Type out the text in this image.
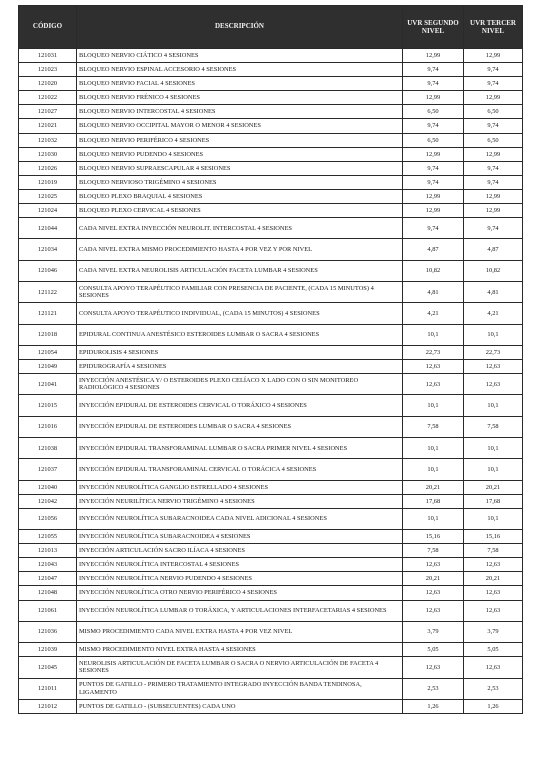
CÓDIGO	DESCRIPCIÓN	UVR SEGUNDO NIVEL	UVR TERCER NIVEL
121031	BLOQUEO NERVIO CIÁTICO 4 SESIONES	12,99	12,99
121023	BLOQUEO NERVIO ESPINAL ACCESORIO 4 SESIONES	9,74	9,74
121020	BLOQUEO NERVIO FACIAL 4 SESIONES	9,74	9,74
121022	BLOQUEO NERVIO FRÉNICO 4 SESIONES	12,99	12,99
121027	BLOQUEO NERVIO INTERCOSTAL 4 SESIONES	6,50	6,50
121021	BLOQUEO NERVIO OCCIPITAL MAYOR O MENOR 4 SESIONES	9,74	9,74
121032	BLOQUEO NERVIO PERIFÉRICO 4 SESIONES	6,50	6,50
121030	BLOQUEO NERVIO PUDENDO 4 SESIONES	12,99	12,99
121026	BLOQUEO NERVIO SUPRAESCAPULAR 4 SESIONES	9,74	9,74
121019	BLOQUEO NERVIOSO TRIGÉMINO 4 SESIONES	9,74	9,74
121025	BLOQUEO PLEXO BRAQUIAL 4 SESIONES	12,99	12,99
121024	BLOQUEO PLEXO CERVICAL 4 SESIONES	12,99	12,99
121044	CADA NIVEL EXTRA INYECCIÓN NEUROLIT. INTERCOSTAL 4 SESIONES	9,74	9,74
121034	CADA NIVEL EXTRA MISMO PROCEDIMIENTO HASTA 4 POR VEZ Y POR NIVEL	4,87	4,87
121046	CADA NIVEL EXTRA NEUROLISIS ARTICULACIÓN FACETA LUMBAR 4 SESIONES	10,82	10,82
121122	CONSULTA APOYO TERAPÉUTICO FAMILIAR CON PRESENCIA DE PACIENTE, (CADA 15 MINUTOS) 4 SESIONES	4,81	4,81
121121	CONSULTA APOYO TERAPÉUTICO INDIVIDUAL, (CADA 15 MINUTOS) 4 SESIONES	4,21	4,21
121018	EPIDURAL CONTINUA ANESTÉSICO ESTEROIDES LUMBAR O SACRA 4 SESIONES	10,1	10,1
121054	EPIDUROLISIS 4 SESIONES	22,73	22,73
121049	EPIDUROGRAFÍA 4 SESIONES	12,63	12,63
121041	INYECCIÓN ANESTÉSICA Y/ O ESTEROIDES PLEXO CELÍACO X LADO CON O SIN MONITOREO RADIOLÓGICO 4 SESIONES	12,63	12,63
121015	INYECCIÓN EPIDURAL DE ESTEROIDES CERVICAL O TORÁXICO 4 SESIONES	10,1	10,1
121016	INYECCIÓN EPIDURAL DE ESTEROIDES LUMBAR O SACRA 4 SESIONES	7,58	7,58
121038	INYECCIÓN EPIDURAL TRANSFORAMINAL LUMBAR O SACRA PRIMER NIVEL 4 SESIONES	10,1	10,1
121037	INYECCIÓN EPIDURAL TRANSFORAMINAL CERVICAL O TORÁCICA 4 SESIONES	10,1	10,1
121040	INYECCIÓN NEUROLÍTICA GANGLIO ESTRELLADO 4 SESIONES	20,21	20,21
121042	INYECCIÓN NEURILÍTICA NERVIO TRIGÉMINO 4 SESIONES	17,68	17,68
121056	INYECCIÓN NEUROLÍTICA SUBARACNOIDEA CADA NIVEL ADICIONAL 4 SESIONES	10,1	10,1
121055	INYECCIÓN NEUROLÍTICA SUBARACNOIDEA 4 SESIONES	15,16	15,16
121013	INYECCIÓN ARTICULACIÓN SACRO ILÍACA 4 SESIONES	7,58	7,58
121043	INYECCIÓN NEUROLÍTICA INTERCOSTAL 4 SESIONES	12,63	12,63
121047	INYECCIÓN NEUROLÍTICA NERVIO PUDENDO 4 SESIONES	20,21	20,21
121048	INYECCIÓN NEUROLÍTICA OTRO NERVIO PERIFÉRICO 4 SESIONES	12,63	12,63
121061	INYECCIÓN NEUROLÍTICA LUMBAR O TORÁXICA, Y ARTICULACIONES INTERFACETARIAS 4 SESIONES	12,63	12,63
121036	MISMO PROCEDIMIENTO CADA NIVEL EXTRA HASTA 4 POR VEZ NIVEL	3,79	3,79
121039	MISMO PROCEDIMIENTO NIVEL EXTRA HASTA 4 SESIONES	5,05	5,05
121045	NEUROLISIS ARTICULACIÓN DE FACETA LUMBAR O SACRA O NERVIO ARTICULACIÓN DE FACETA 4 SESIONES	12,63	12,63
121011	PUNTOS DE GATILLO - PRIMERO TRATAMIENTO INTEGRADO INYECCIÓN BANDA TENDINOSA, LIGAMENTO	2,53	2,53
121012	PUNTOS DE GATILLO - (SUBSECUENTES) CADA UNO	1,26	1,26
